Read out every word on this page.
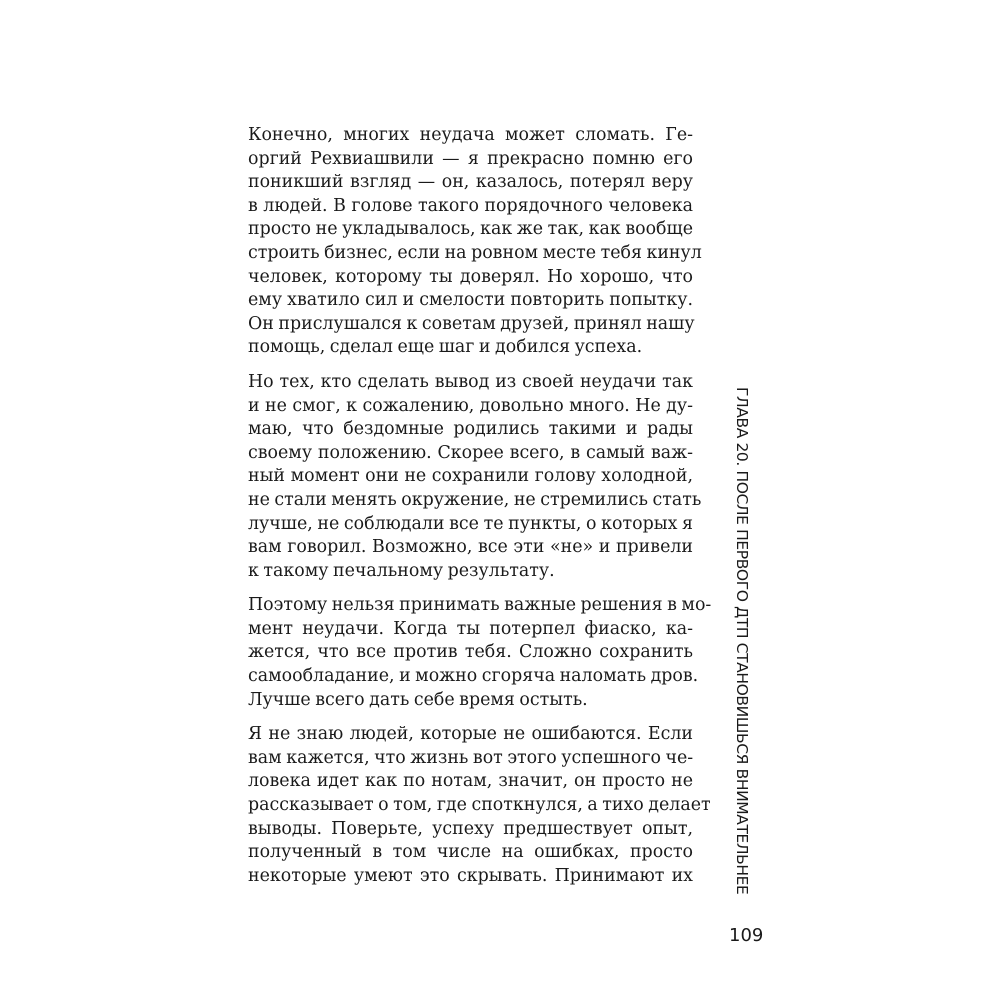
Конечно, многих неудача может сломать. Ге-
оргий Рехвиашвили — я прекрасно помню его
поникший взгляд — он, казалось, потерял веру
в людей. В голове такого порядочного человека
просто не укладывалось, как же так, как вообще
строить бизнес, если на ровном месте тебя кинул
человек, которому ты доверял. Но хорошо, что
ему хватило сил и смелости повторить попытку.
Он прислушался к советам друзей, принял нашу
помощь, сделал еще шаг и добился успеха.

Но тех, кто сделать вывод из своей неудачи так
и не смог, к сожалению, довольно много. Не ду-
маю, что бездомные родились такими и рады
своему положению. Скорее всего, в самый важ-
ный момент они не сохранили голову холодной,
не стали менять окружение, не стремились стать
лучше, не соблюдали все те пункты, о которых я
вам говорил. Возможно, все эти «не» и привели
к такому печальному результату.

Поэтому нельзя принимать важные решения в мо-
мент неудачи. Когда ты потерпел фиаско, ка-
жется, что все против тебя. Сложно сохранить
самообладание, и можно сгоряча наломать дров.
Лучше всего дать себе время остыть.

Я не знаю людей, которые не ошибаются. Если
вам кажется, что жизнь вот этого успешного че-
ловека идет как по нотам, значит, он просто не
рассказывает о том, где споткнулся, а тихо делает
выводы. Поверьте, успеху предшествует опыт,
полученный в том числе на ошибках, просто
некоторые умеют это скрывать. Принимают их	ГЛАВА 20. ПОСЛЕ ПЕРВОГО ДТП СТАНОВИШЬСЯ ВНИМАТЕЛЬНЕЕ
109
